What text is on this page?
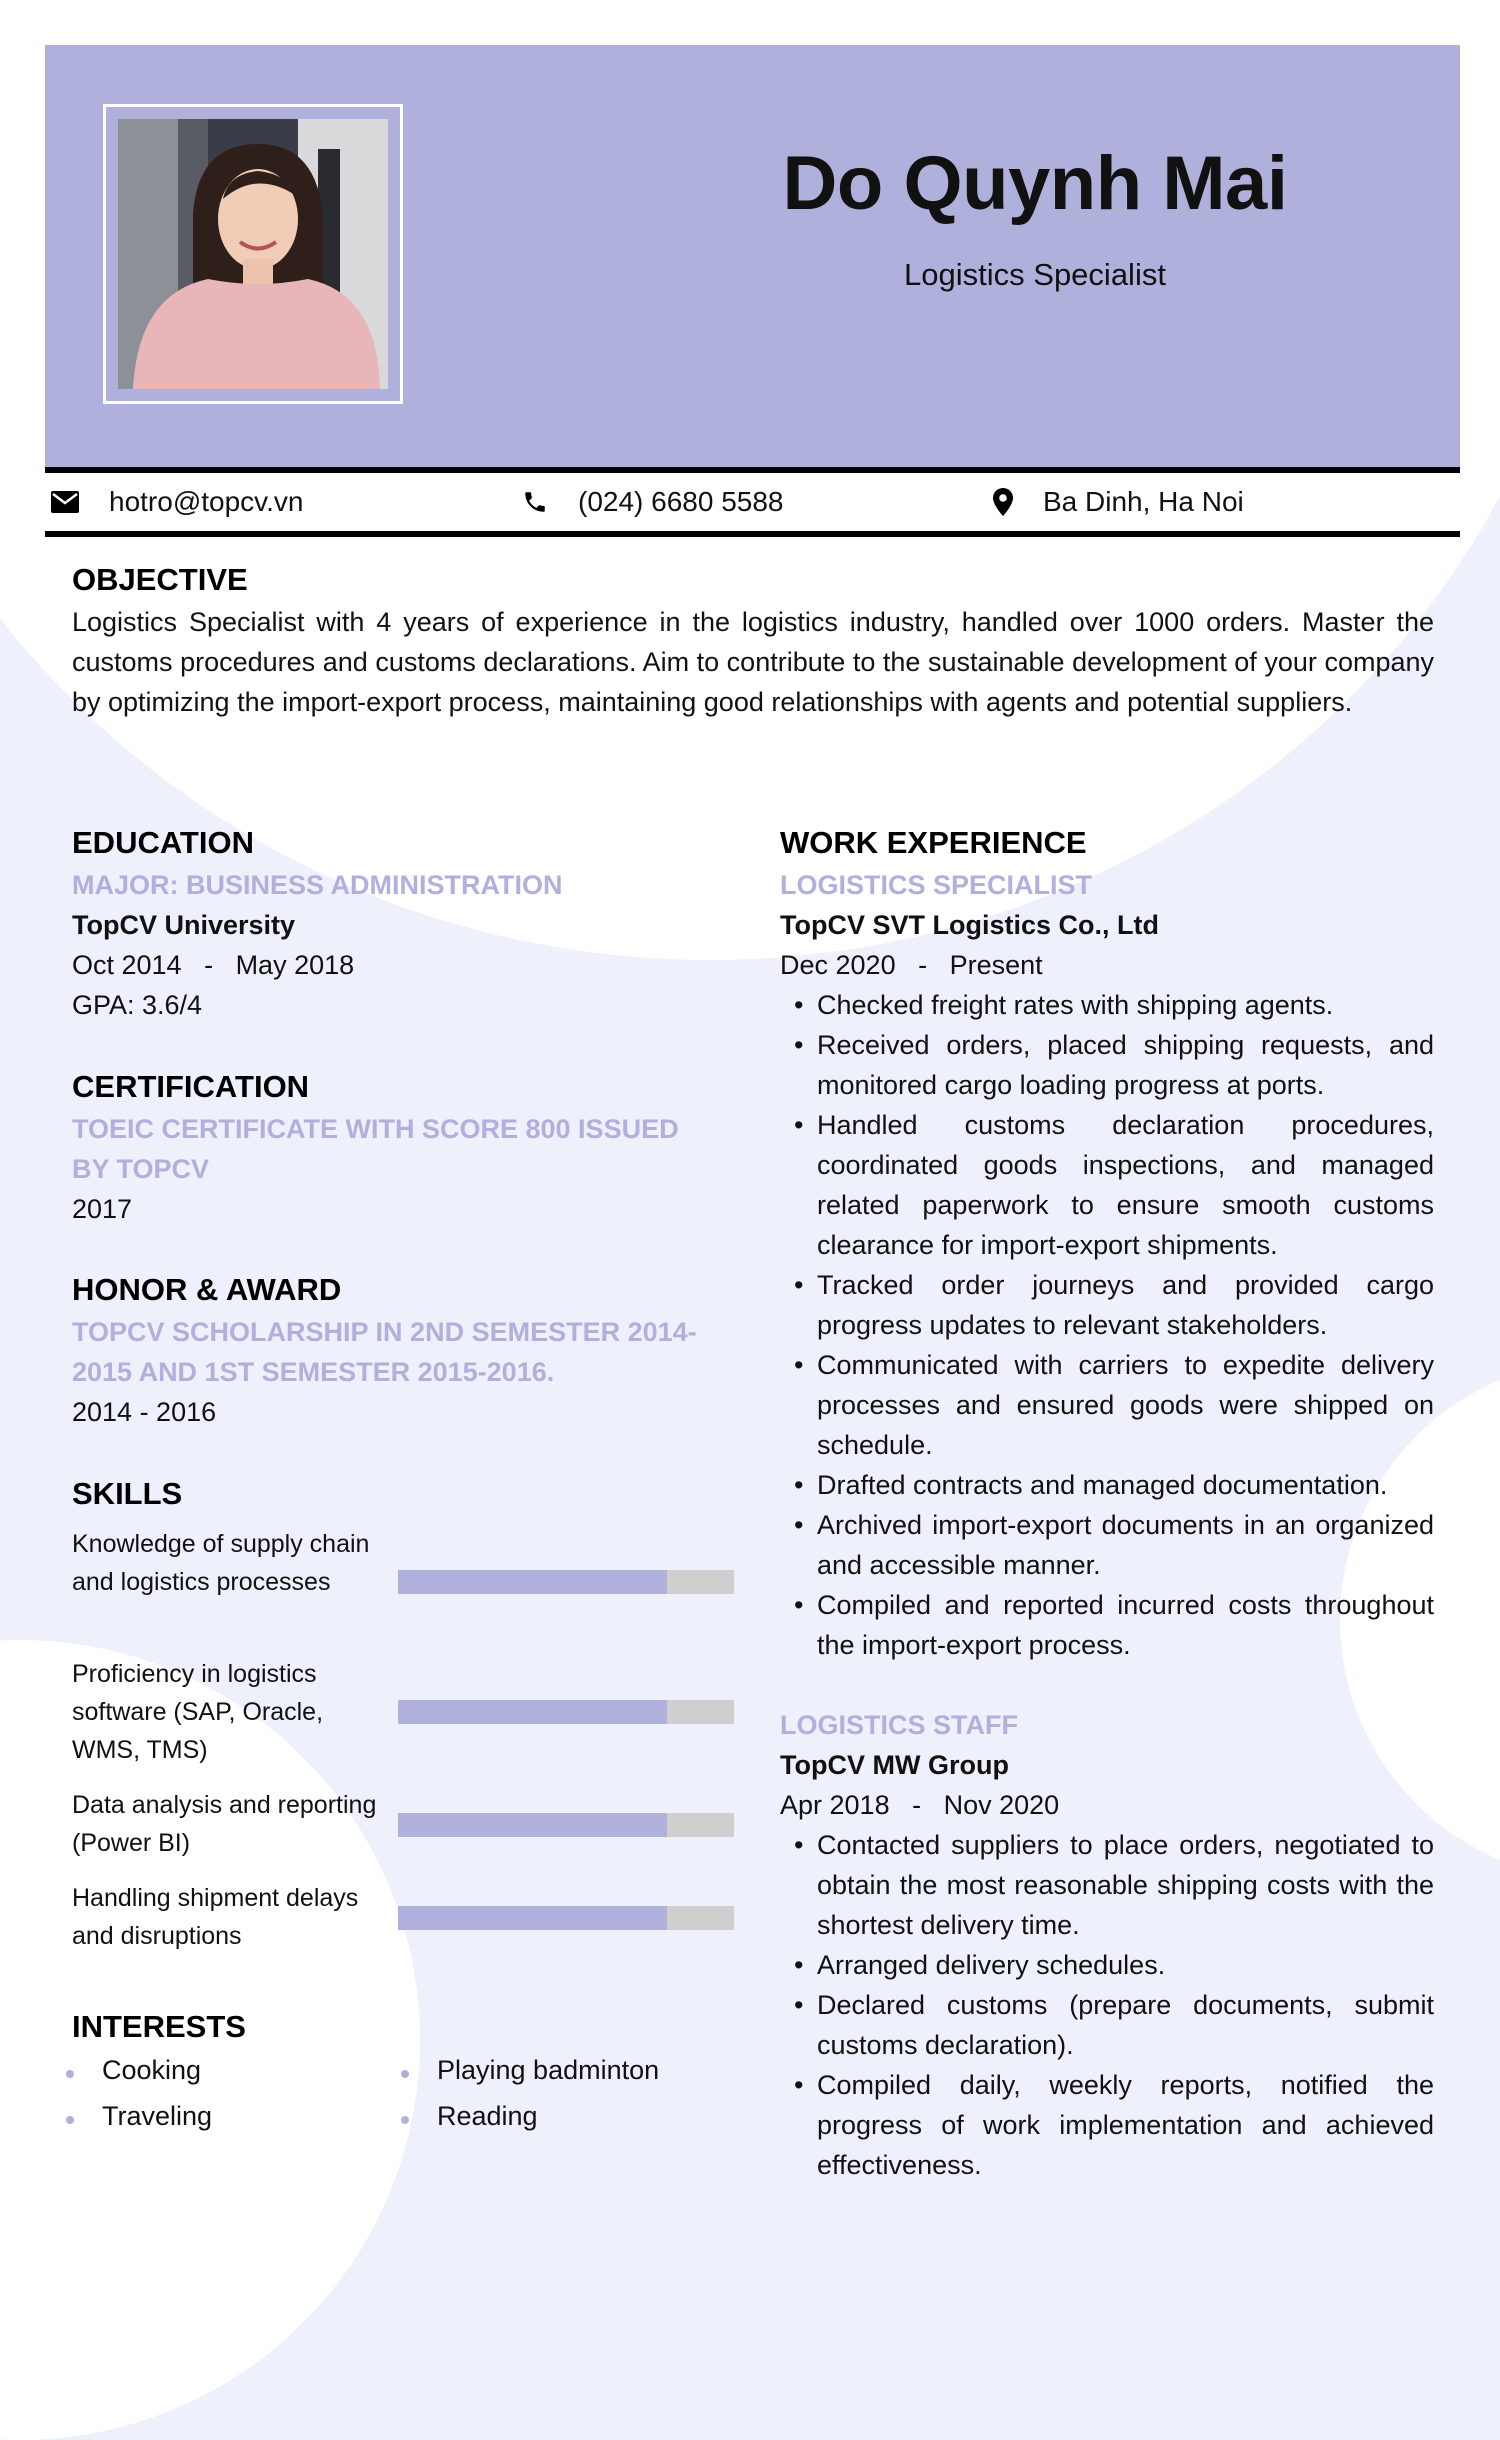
Do Quynh Mai
Logistics Specialist
hotro@topcv.vn	(024) 6680 5588	Ba Dinh, Ha Noi
OBJECTIVE
Logistics Specialist with 4 years of experience in the logistics industry, handled over 1000 orders. Master the customs procedures and customs declarations. Aim to contribute to the sustainable development of your company by optimizing the import-export process, maintaining good relationships with agents and potential suppliers.
EDUCATION
MAJOR: BUSINESS ADMINISTRATION
TopCV University
Oct 2014   -   May 2018
GPA: 3.6/4
CERTIFICATION
TOEIC CERTIFICATE WITH SCORE 800 ISSUED BY TOPCV
2017
HONOR & AWARD
TOPCV SCHOLARSHIP IN 2ND SEMESTER 2014-2015 AND 1ST SEMESTER 2015-2016.
2014 - 2016
SKILLS
Knowledge of supply chain and logistics processes
Proficiency in logistics software (SAP, Oracle, WMS, TMS)
Data analysis and reporting (Power BI)
Handling shipment delays and disruptions
INTERESTS
Cooking	Playing badminton
Traveling	Reading
WORK EXPERIENCE
LOGISTICS SPECIALIST
TopCV SVT Logistics Co., Ltd
Dec 2020   -   Present
• Checked freight rates with shipping agents.
• Received orders, placed shipping requests, and monitored cargo loading progress at ports.
• Handled customs declaration procedures, coordinated goods inspections, and managed related paperwork to ensure smooth customs clearance for import-export shipments.
• Tracked order journeys and provided cargo progress updates to relevant stakeholders.
• Communicated with carriers to expedite delivery processes and ensured goods were shipped on schedule.
• Drafted contracts and managed documentation.
• Archived import-export documents in an organized and accessible manner.
• Compiled and reported incurred costs throughout the import-export process.
LOGISTICS STAFF
TopCV MW Group
Apr 2018   -   Nov 2020
• Contacted suppliers to place orders, negotiated to obtain the most reasonable shipping costs with the shortest delivery time.
• Arranged delivery schedules.
• Declared customs (prepare documents, submit customs declaration).
• Compiled daily, weekly reports, notified the progress of work implementation and achieved effectiveness.
